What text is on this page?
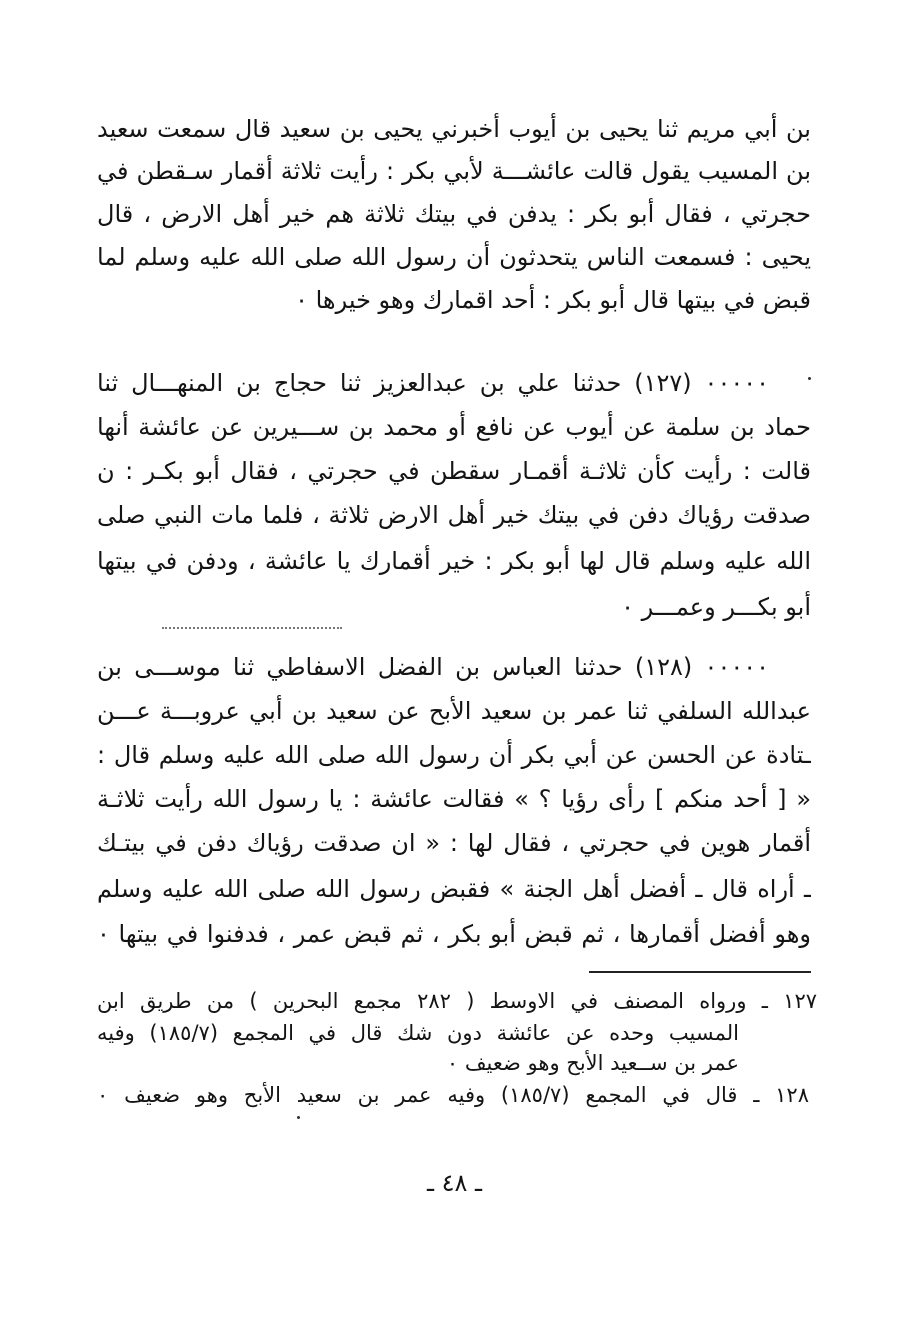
بن أبي مريم ثنا يحيى بن أيوب أخبرني يحيى بن سعيد قال سمعت سعيد
بن المسيب يقول قالت عائشـــة لأبي بكر : رأيت ثلاثة أقمار سـقطن في
حجرتي ، فقال أبو بكر : يدفن في بيتك ثلاثة هم خير أهل الارض ، قال
يحيى : فسمعت الناس يتحدثون أن رسول الله صلى الله عليه وسلم لما
قبض في بيتها قال أبو بكر : أحد اقمارك وهو خيرها ٠
٠٠٠٠٠ (١٢٧) حدثنا علي بن عبدالعزيز ثنا حجاج بن المنهـــال ثنا
حماد بن سلمة عن أيوب عن نافع أو محمد بن ســـيرين عن عائشة أنها
قالت : رأيت كأن ثلاثـة أقمـار سقطن في حجرتي ، فقال أبو بكـر : ن
صدقت رؤياك دفن في بيتك خير أهل الارض ثلاثة ، فلما مات النبي صلى
الله عليه وسلم قال لها أبو بكر : خير أقمارك يا عائشة ، ودفن في بيتها
أبو بكـــر وعمـــر ٠
٠٠٠٠٠ (١٢٨) حدثنا العباس بن الفضل الاسفاطي ثنا موســـى بن
عبدالله السلفي ثنا عمر بن سعيد الأبح عن سعيد بن أبي عروبـــة عـــن
ـتادة عن الحسن عن أبي بكر أن رسول الله صلى الله عليه وسلم قال :
« [ أحد منكم ] رأى رؤيا ؟ » فقالت عائشة : يا رسول الله رأيت ثلاثـة
أقمار هوين في حجرتي ، فقال لها : « ان صدقت رؤياك دفن في بيتـك
ـ أراه قال ـ أفضل أهل الجنة » فقبض رسول الله صلى الله عليه وسلم
وهو أفضل أقمارها ، ثم قبض أبو بكر ، ثم قبض عمر ، فدفنوا في بيتها ٠
١٢٧ ـ ورواه المصنف في الاوسط ( ٢٨٢ مجمع البحرين ) من طريق ابن
المسيب وحده عن عائشة دون شك قال في المجمع (١٨٥/٧) وفيه
عمر بن ســعيد الأبح وهو ضعيف ٠
١٢٨ ـ قال في المجمع (١٨٥/٧) وفيه عمر بن سعيد الأبح وهو ضعيف ٠
ـ ٤٨ ـ
